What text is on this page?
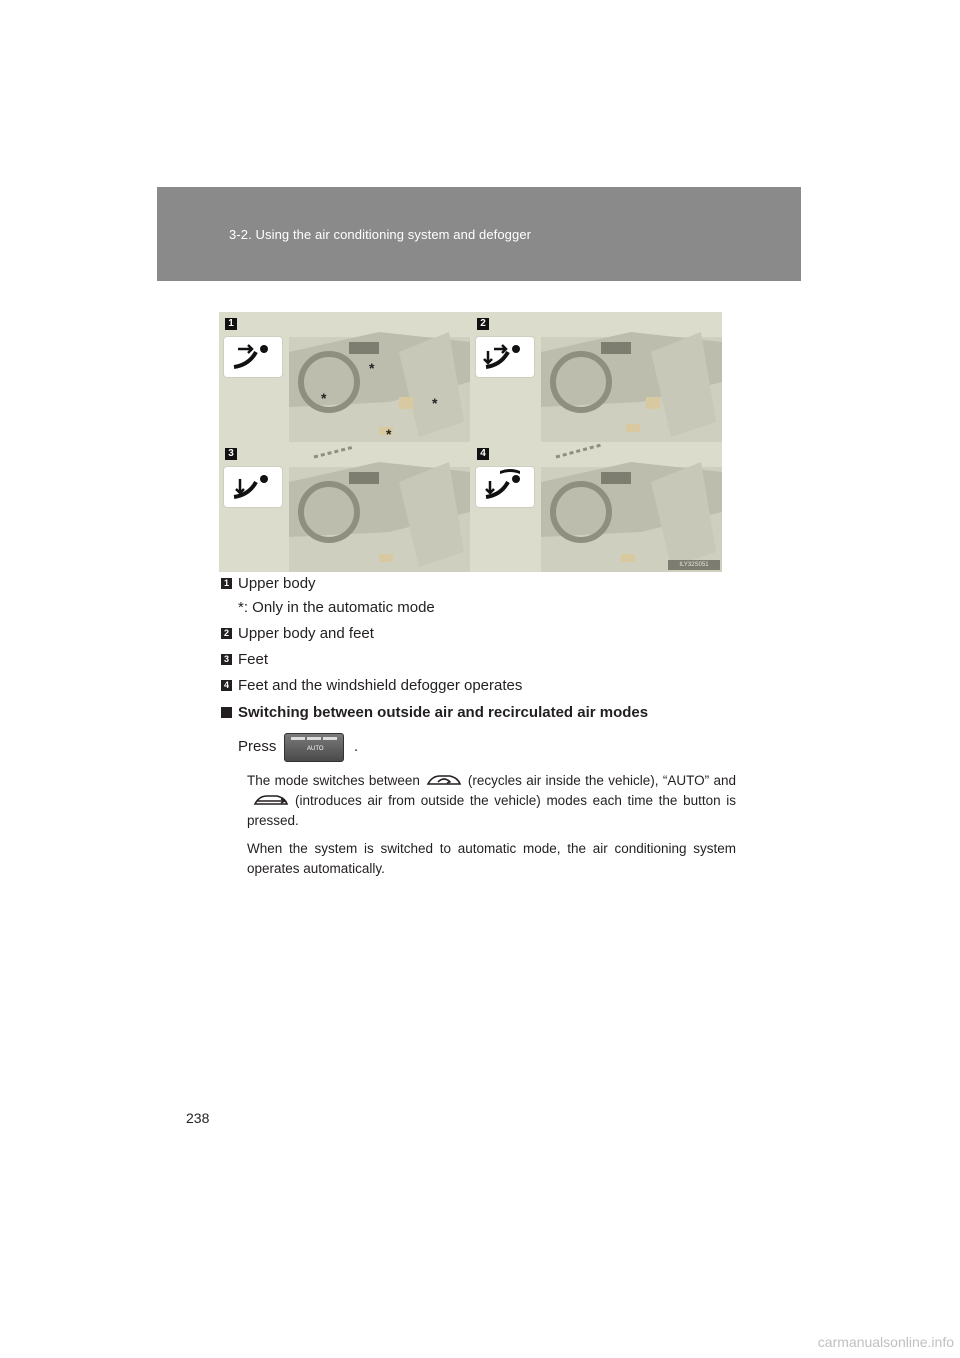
3-2. Using the air conditioning system and defogger
1
*
*	*
*
2
3	4
ILY32S051
1 Upper body
*: Only in the automatic mode
2 Upper body and feet
3 Feet
4 Feet and the windshield defogger operates
Switching between outside air and recirculated air modes
Press	AUTO .
The mode switches between	(recycles air inside the vehicle), “AUTO” and(introduces air from outside the vehicle) modes each time the button is pressed.
When the system is switched to automatic mode, the air conditioning system operates automatically.
238
carmanualsonline.info
